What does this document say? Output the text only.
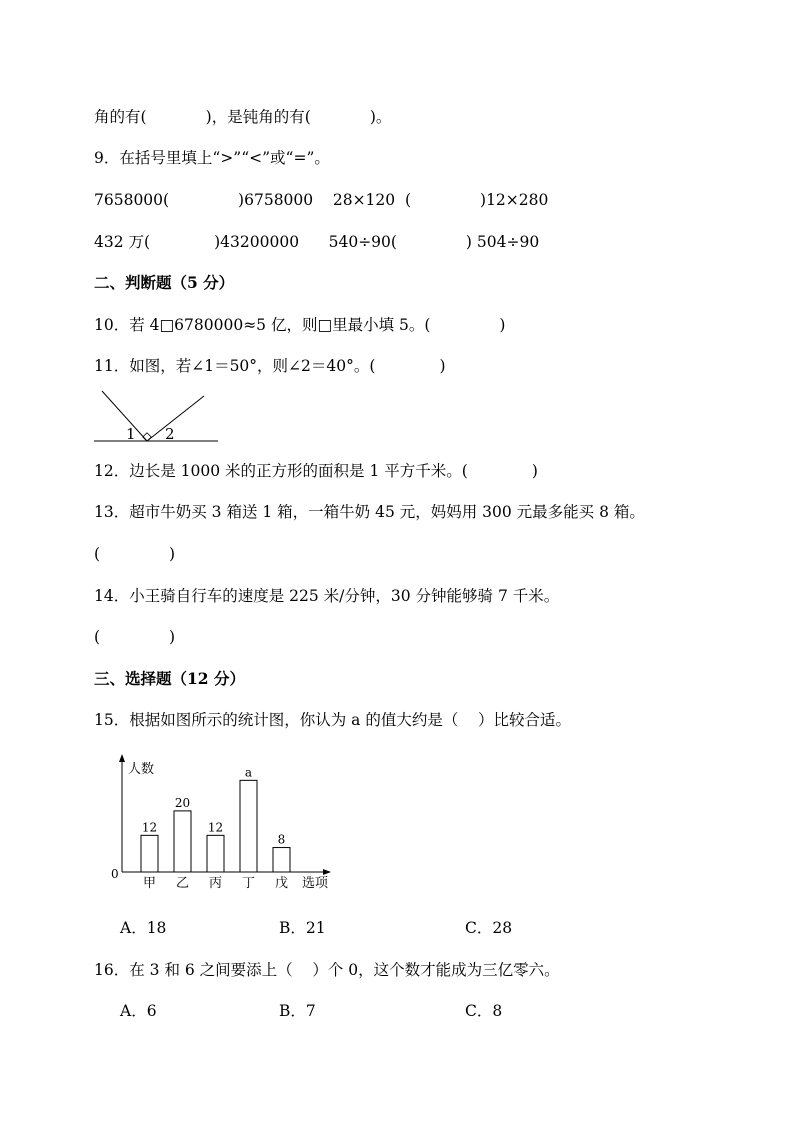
角的有(            )，是钝角的有(            )。
9．在括号里填上“>”“<”或“=”。
7658000(              )6758000    28×120  (              )12×280
432 万(             )43200000      540÷90(              ) 504÷90
二、判断题（5 分）
10．若 4□6780000≈5 亿，则□里最小填 5。(              )
11．如图，若∠1＝50°，则∠2＝40°。(             )
1 2
12．边长是 1000 米的正方形的面积是 1 平方千米。(             )
13．超市牛奶买 3 箱送 1 箱，一箱牛奶 45 元，妈妈用 300 元最多能买 8 箱。
(              )
14．小王骑自行车的速度是 225 米/分钟，30 分钟能够骑 7 千米。
(              )
三、选择题（12 分）
15．根据如图所示的统计图，你认为 a 的值大约是（    ）比较合适。
人数
0
选项
12
甲
20
乙
12
丙
a
丁
8
戊
A．18	B．21	C．28
16．在 3 和 6 之间要添上（    ）个 0，这个数才能成为三亿零六。
A．6	B．7	C．8
